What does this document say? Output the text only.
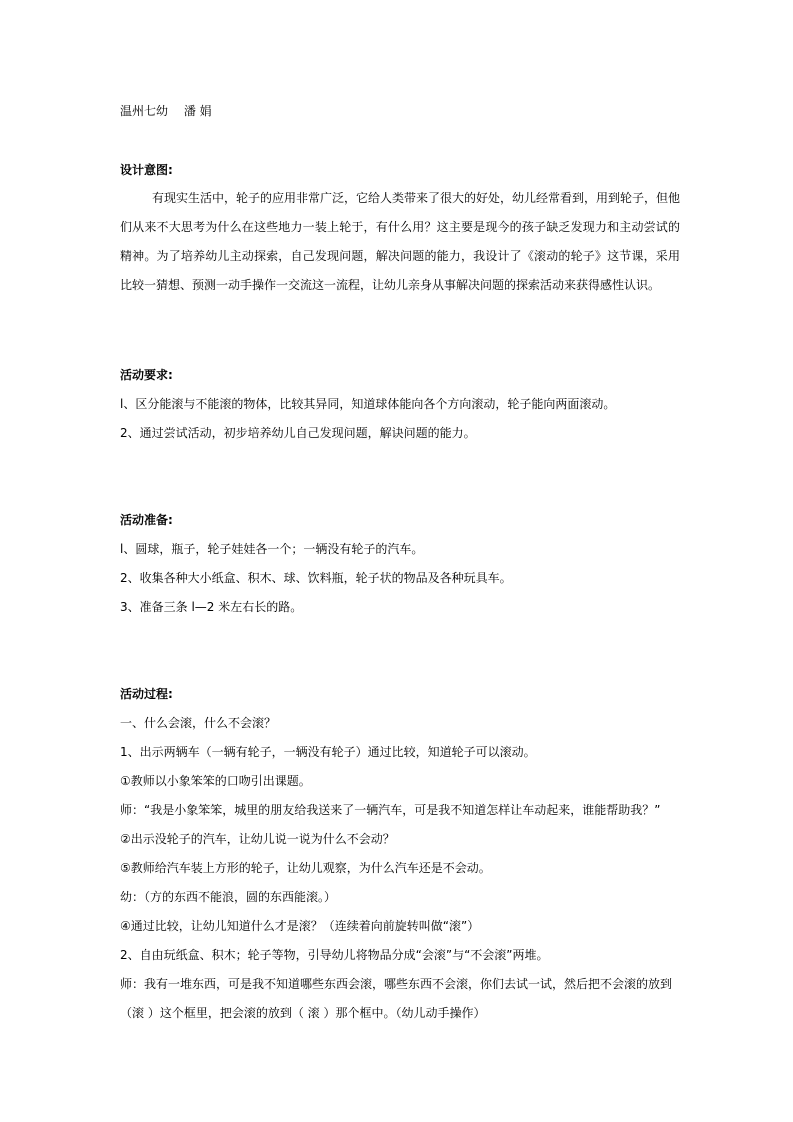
温州七幼　 潘 娟
设计意图:
有现实生活中，轮子的应用非常广泛，它给人类带来了很大的好处，幼儿经常看到，用到轮子，但他们从来不大思考为什么在这些地力一装上轮于，有什么用？这主要是现今的孩子缺乏发现力和主动尝试的精神。为了培养幼儿主动探索，自己发现问题，解决问题的能力，我设计了《滚动的轮子》这节课，采用比较一猜想、预测一动手操作一交流这一流程，让幼儿亲身从事解决问题的探索活动来获得感性认识。
活动要求:
l、区分能滚与不能滚的物体，比较其异同，知道球体能向各个方向滚动，轮子能向两面滚动。
2、通过尝试活动，初步培养幼儿自己发现问题，解诀问题的能力。
活动准备:
l、圆球，瓶子，轮子娃娃各一个；一辆没有轮子的汽车。
2、收集各种大小纸盒、积木、球、饮料瓶，轮子状的物品及各种玩具车。
3、准备三条 l—2 米左右长的路。
活动过程:
一、什么会滚，什么不会滚？
1、出示两辆车（一辆有轮子，一辆没有轮子）通过比较，知道轮子可以滚动。
①教师以小象笨笨的口吻引出课题。
师：“我是小象笨笨，城里的朋友给我送来了一辆汽车，可是我不知道怎样让车动起来，谁能帮助我？”
②出示没轮子的汽车，让幼儿说一说为什么不会动？
⑤教师给汽车装上方形的轮子，让幼儿观察，为什么汽车还是不会动。
幼：（方的东西不能浪，圆的东西能滚。）
④通过比较，让幼儿知道什么才是滚？（连续着向前旋转叫做“滚”）
2、自由玩纸盒、积木；轮子等物，引导幼儿将物品分成“会滚”与“不会滚”两堆。
师：我有一堆东西，可是我不知道哪些东西会滚，哪些东西不会滚，你们去试一试，然后把不会滚的放到
（滚 ）这个框里，把会滚的放到（ 滚 ）那个框中。（幼儿动手操作）
